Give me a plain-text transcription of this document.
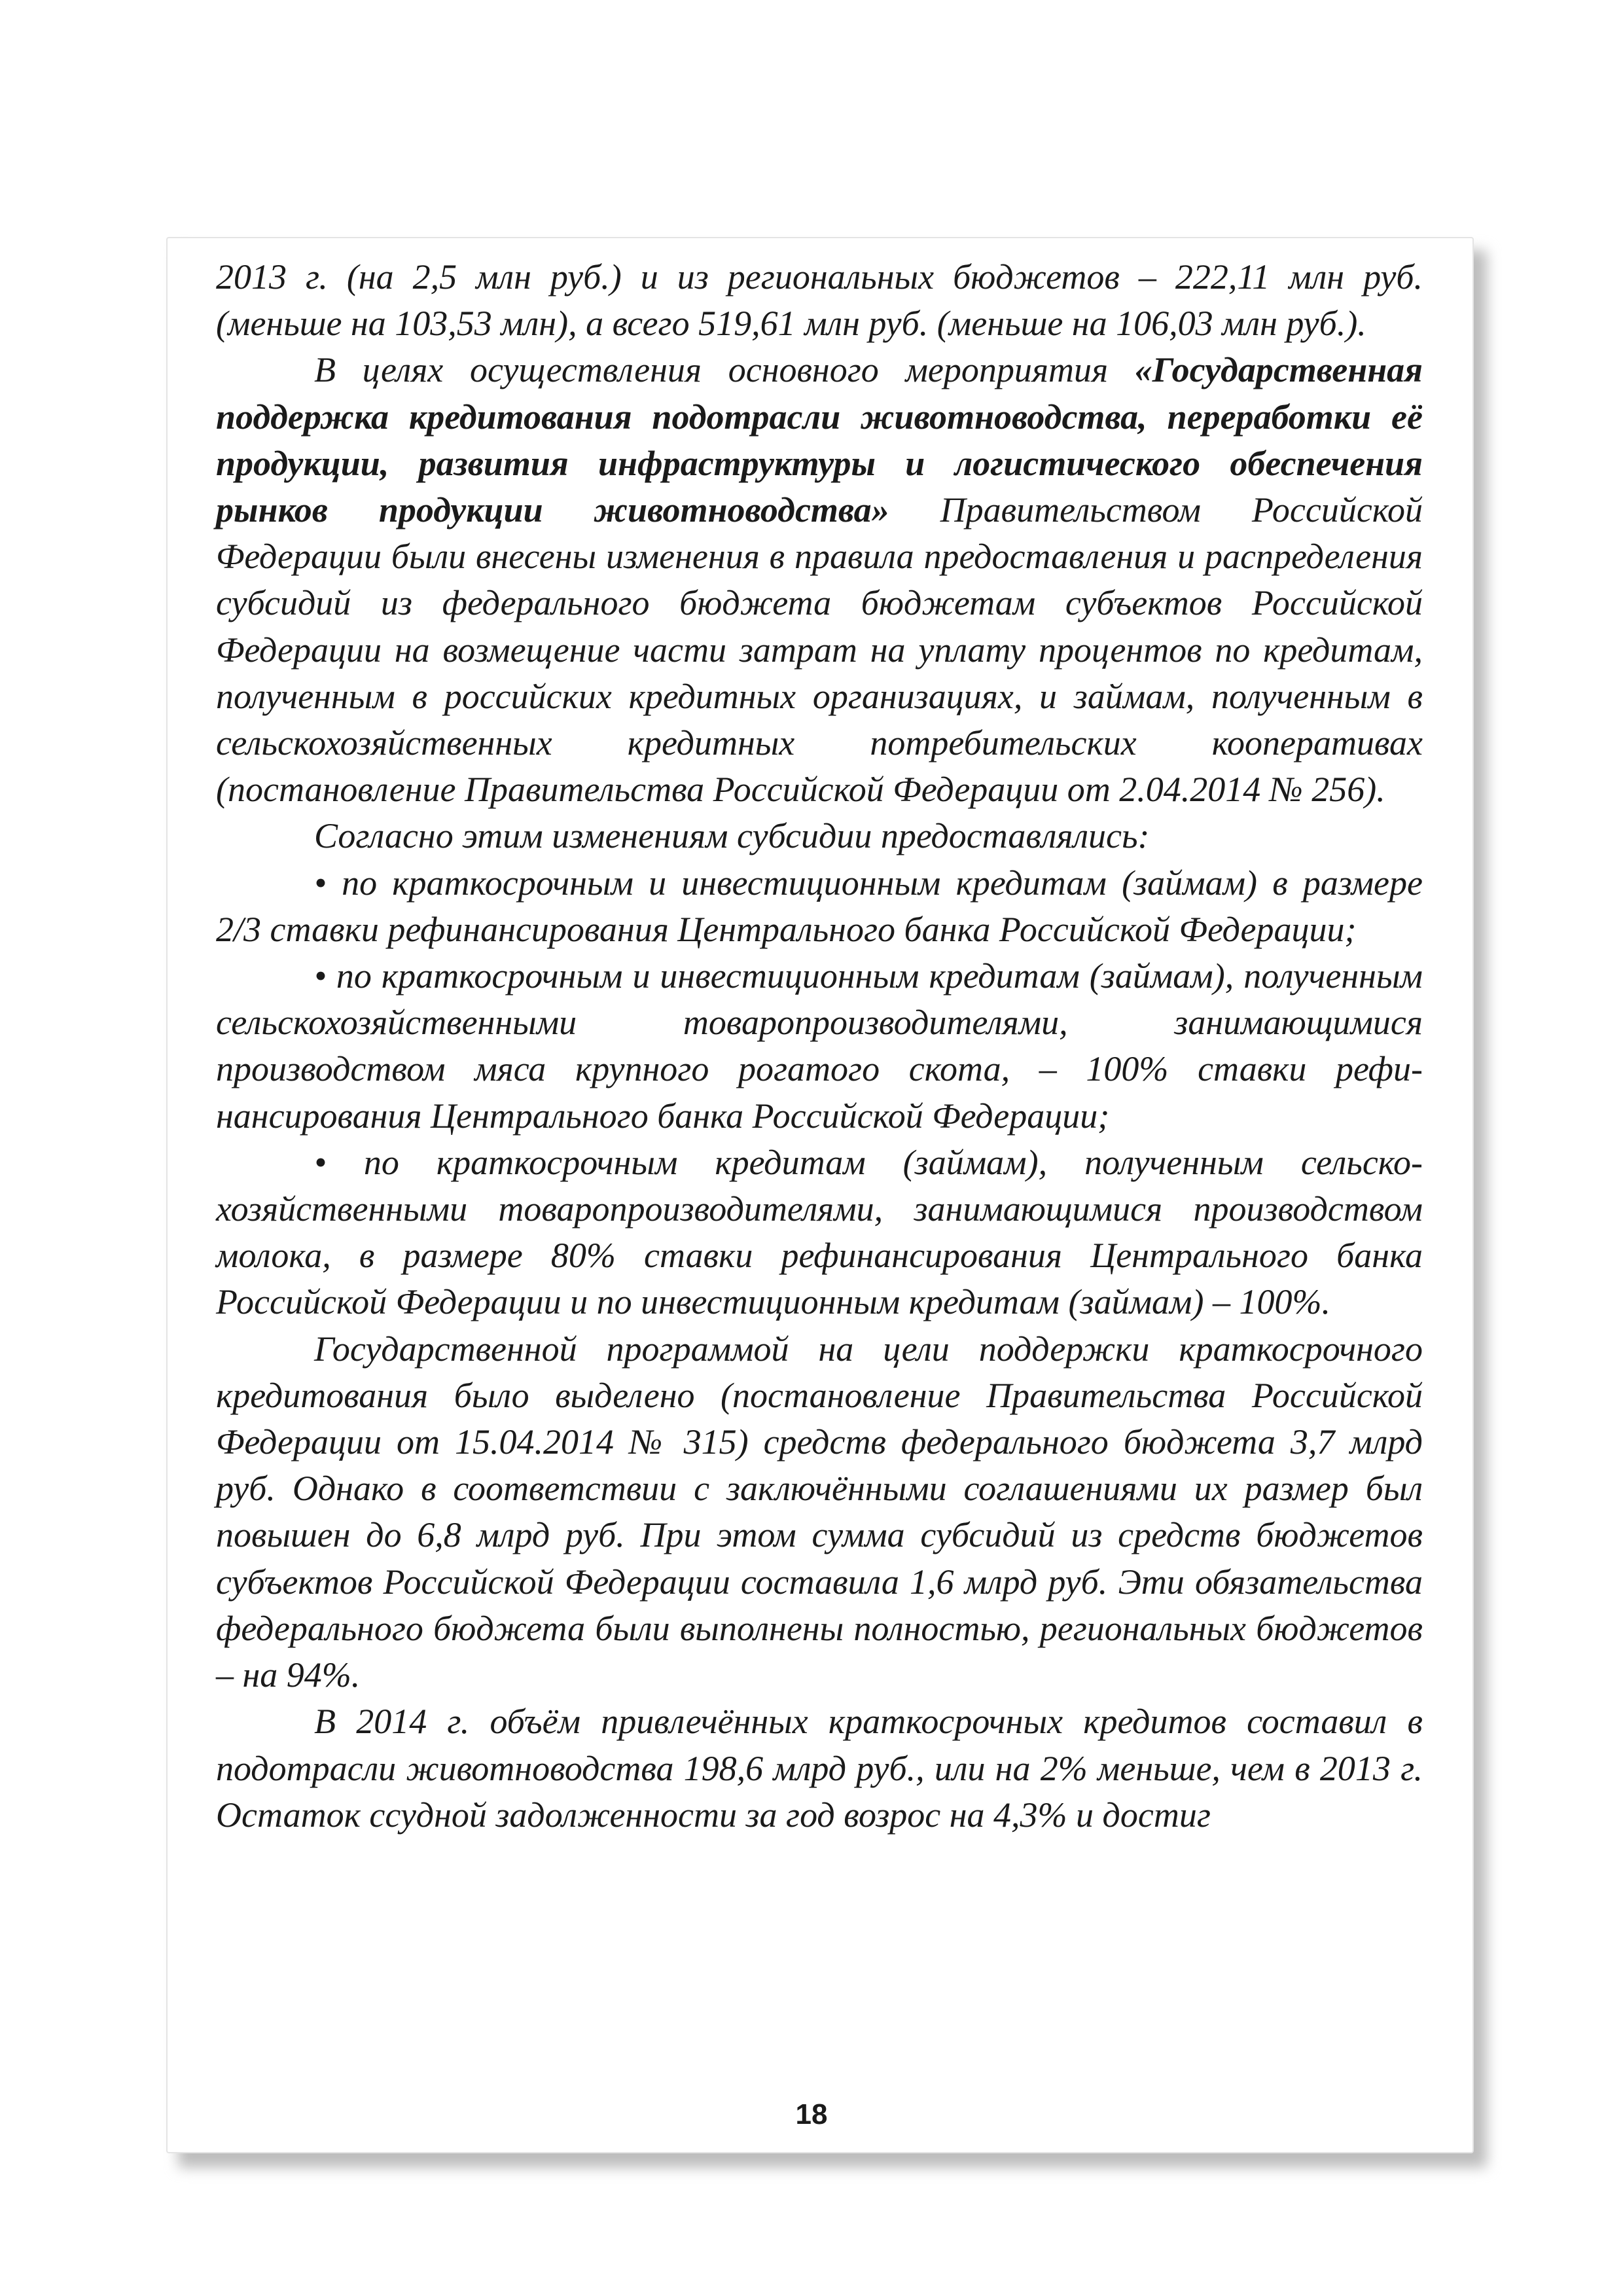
2013 г. (на 2,5 млн руб.) и из региональных бюджетов – 222,11 млн руб. (меньше на 103,53 млн), а всего 519,61 млн руб. (меньше на 106,03 млн руб.).

В целях осуществления основного мероприятия «Государственная поддержка кредитования подотрасли животноводства, переработки её продукции, развития инфраструктуры и логистического обеспечения рынков продукции животноводства» Правительством Российской Федерации были внесены изменения в правила предоставления и распределения субсидий из федерального бюджета бюджетам субъектов Российской Федерации на возмещение части затрат на уплату процентов по кредитам, полученным в российских кредитных организациях, и займам, полученным в сельскохозяйственных кредитных потребительских кооперативах (постановление Правительства Российской Федерации от 2.04.2014 № 256).

Согласно этим изменениям субсидии предоставлялись:

• по краткосрочным и инвестиционным кредитам (займам) в размере 2/3 ставки рефинансирования Центрального банка Российской Федерации;

• по краткосрочным и инвестиционным кредитам (займам), полученным сельскохозяйственными товаропроизводителями, занимающимися производством мяса крупного рогатого скота, – 100% ставки рефинансирования Центрального банка Российской Федерации;

• по краткосрочным кредитам (займам), полученным сельскохозяйственными товаропроизводителями, занимающимися производством молока, в размере 80% ставки рефинансирования Центрального банка Российской Федерации и по инвестиционным кредитам (займам) – 100%.

Государственной программой на цели поддержки краткосрочного кредитования было выделено (постановление Правительства Российской Федерации от 15.04.2014 № 315) средств федерального бюджета 3,7 млрд руб. Однако в соответствии с заключёнными соглашениями их размер был повышен до 6,8 млрд руб. При этом сумма субсидий из средств бюджетов субъектов Российской Федерации составила 1,6 млрд руб. Эти обязательства федерального бюджета были выполнены полностью, региональных бюджетов – на 94%.

В 2014 г. объём привлечённых краткосрочных кредитов составил в подотрасли животноводства 198,6 млрд руб., или на 2% меньше, чем в 2013 г. Остаток ссудной задолженности за год возрос на 4,3% и достиг

18
